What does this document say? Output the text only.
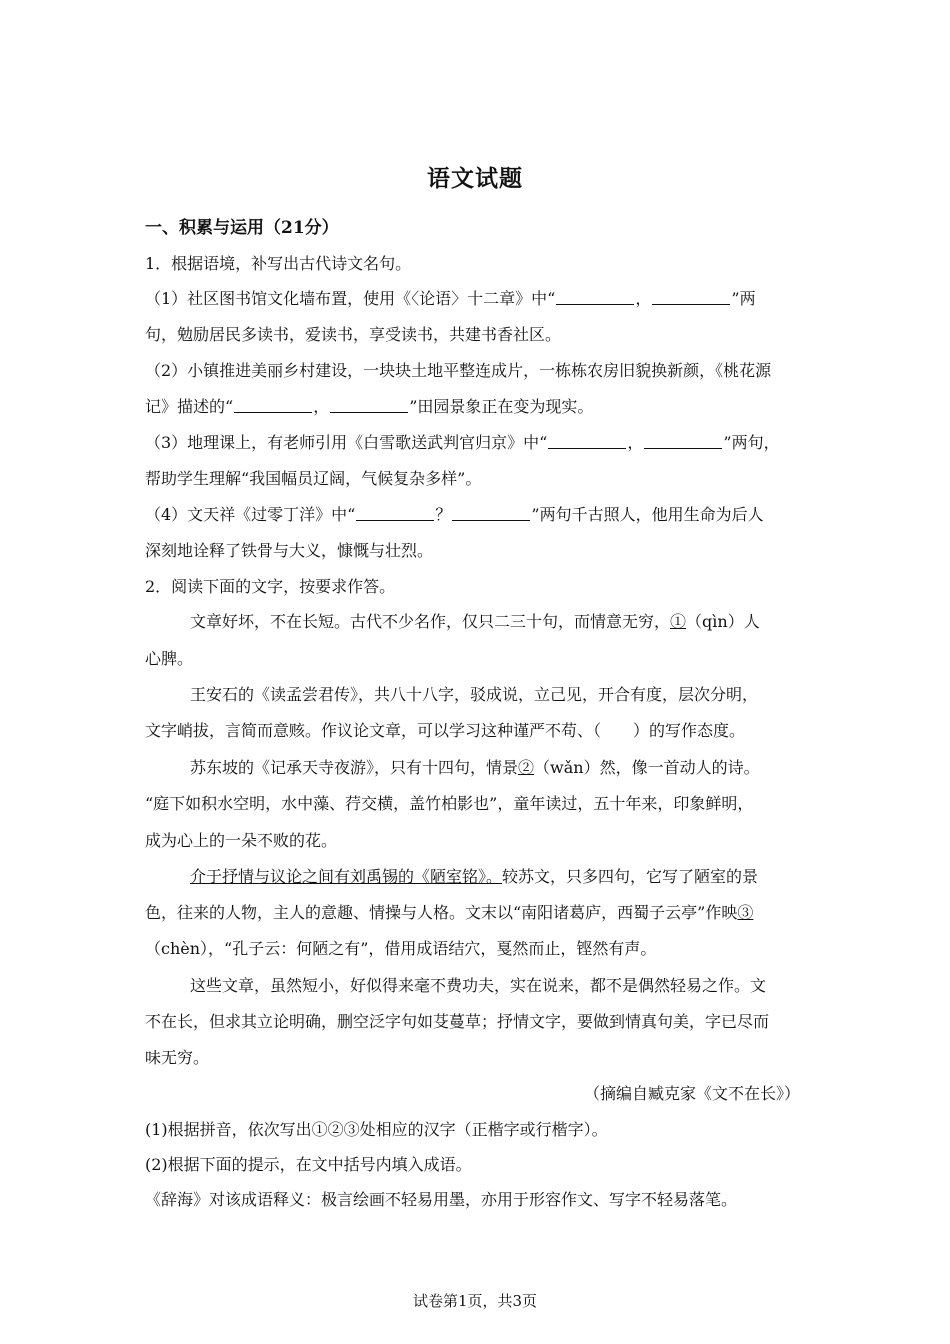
语文试题
一、积累与运用（21分）
1．根据语境，补写出古代诗文名句。
（1）社区图书馆文化墙布置，使用《〈论语〉十二章》中“	，	”两
句，勉励居民多读书，爱读书，享受读书，共建书香社区。
（2）小镇推进美丽乡村建设，一块块土地平整连成片，一栋栋农房旧貌换新颜，《桃花源
记》描述的“	，	”田园景象正在变为现实。
（3）地理课上，有老师引用《白雪歌送武判官归京》中“	，	”两句，
帮助学生理解“我国幅员辽阔，气候复杂多样”。
（4）文天祥《过零丁洋》中“	？	”两句千古照人，他用生命为后人
深刻地诠释了铁骨与大义，慷慨与壮烈。
2．阅读下面的文字，按要求作答。
文章好坏，不在长短。古代不少名作，仅只二三十句，而情意无穷，①（qìn）人
心脾。
王安石的《读孟尝君传》，共八十八字，驳成说，立己见，开合有度，层次分明，
文字峭拔，言简而意赅。作议论文章，可以学习这种谨严不苟、（　　）的写作态度。
苏东坡的《记承天寺夜游》，只有十四句，情景②（wǎn）然，像一首动人的诗。
“庭下如积水空明，水中藻、荇交横，盖竹柏影也”，童年读过，五十年来，印象鲜明，
成为心上的一朵不败的花。
介于抒情与议论之间有刘禹锡的《陋室铭》。较苏文，只多四句，它写了陋室的景
色，往来的人物，主人的意趣、情操与人格。文末以“南阳诸葛庐，西蜀子云亭”作映③
（chèn），“孔子云：何陋之有”，借用成语结穴，戛然而止，铿然有声。
这些文章，虽然短小，好似得来毫不费功夫，实在说来，都不是偶然轻易之作。文
不在长，但求其立论明确，删空泛字句如芟蔓草；抒情文字，要做到情真句美，字已尽而
味无穷。
（摘编自臧克家《文不在长》）
(1)根据拼音，依次写出①②③处相应的汉字（正楷字或行楷字）。
(2)根据下面的提示，在文中括号内填入成语。
《辞海》对该成语释义：极言绘画不轻易用墨，亦用于形容作文、写字不轻易落笔。
试卷第1页，共3页
